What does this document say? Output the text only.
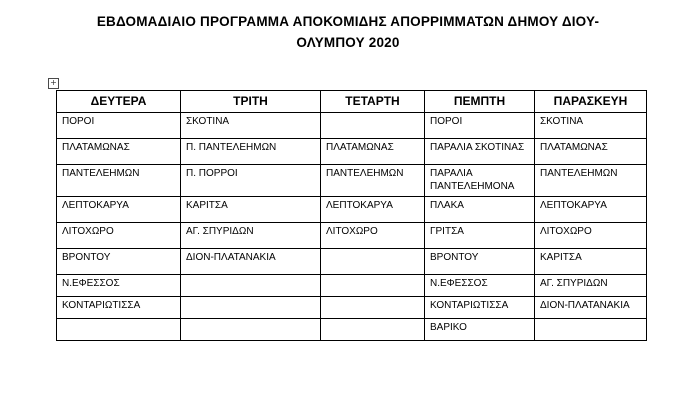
ΕΒΔΟΜΑΔΙΑΙΟ ΠΡΟΓΡΑΜΜΑ ΑΠΟΚΟΜΙΔΗΣ ΑΠΟΡΡΙΜΜΑΤΩΝ ΔΗΜΟΥ ΔΙΟΥ-
ΟΛΥΜΠΟΥ 2020
+
ΔΕΥΤΕΡΑ	ΤΡΙΤΗ	ΤΕΤΑΡΤΗ	ΠΕΜΠΤΗ	ΠΑΡΑΣΚΕΥΗ
ΠΟΡΟΙ	ΣΚΟΤΙΝΑ		ΠΟΡΟΙ	ΣΚΟΤΙΝΑ
ΠΛΑΤΑΜΩΝΑΣ	Π. ΠΑΝΤΕΛΕΗΜΩΝ	ΠΛΑΤΑΜΩΝΑΣ	ΠΑΡΑΛΙΑ ΣΚΟΤΙΝΑΣ	ΠΛΑΤΑΜΩΝΑΣ
ΠΑΝΤΕΛΕΗΜΩΝ	Π. ΠΟΡΡΟΙ	ΠΑΝΤΕΛΕΗΜΩΝ	ΠΑΡΑΛΙΑ ΠΑΝΤΕΛΕΗΜΟΝΑ	ΠΑΝΤΕΛΕΗΜΩΝ
ΛΕΠΤΟΚΑΡΥΑ	ΚΑΡΙΤΣΑ	ΛΕΠΤΟΚΑΡΥΑ	ΠΛΑΚΑ	ΛΕΠΤΟΚΑΡΥΑ
ΛΙΤΟΧΩΡΟ	ΑΓ. ΣΠΥΡΙΔΩΝ	ΛΙΤΟΧΩΡΟ	ΓΡΙΤΣΑ	ΛΙΤΟΧΩΡΟ
ΒΡΟΝΤΟΥ	ΔΙΟΝ-ΠΛΑΤΑΝΑΚΙΑ		ΒΡΟΝΤΟΥ	ΚΑΡΙΤΣΑ
Ν.ΕΦΕΣΣΟΣ			Ν.ΕΦΕΣΣΟΣ	ΑΓ. ΣΠΥΡΙΔΩΝ
ΚΟΝΤΑΡΙΩΤΙΣΣΑ			ΚΟΝΤΑΡΙΩΤΙΣΣΑ	ΔΙΟΝ-ΠΛΑΤΑΝΑΚΙΑ
			ΒΑΡΙΚΟ	
